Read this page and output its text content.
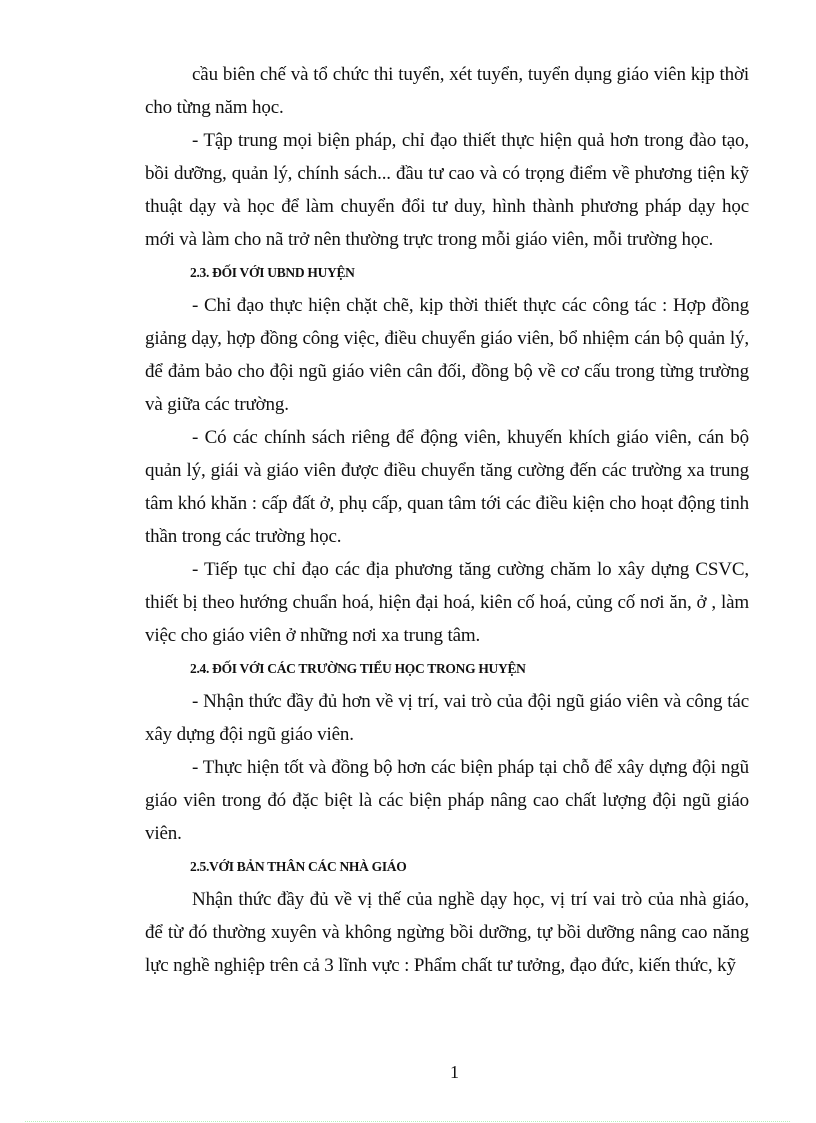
cầu biên chế và tổ chức thi tuyển, xét tuyển, tuyển dụng giáo viên kịp thời cho từng năm học.

- Tập trung mọi biện pháp, chỉ đạo thiết thực hiện quả hơn trong đào tạo, bồi dưỡng, quản lý, chính sách... đầu tư cao và có trọng điểm về phương tiện kỹ thuật dạy và học để làm chuyển đổi tư duy, hình thành phương pháp dạy học mới và làm cho nã trở nên thường trực trong mỗi giáo viên, mỗi trường học.

2.3. ĐỐI VỚI UBND HUYỆN

- Chỉ đạo thực hiện chặt chẽ, kịp thời thiết thực các công tác : Hợp đồng giảng dạy, hợp đồng công việc, điều chuyển giáo viên, bổ nhiệm cán bộ quản lý, để đảm bảo cho đội ngũ giáo viên cân đối, đồng bộ về cơ cấu trong từng trường và giữa các trường.

- Có các chính sách riêng để động viên, khuyến khích giáo viên, cán bộ quản lý, giái và giáo viên được điều chuyển tăng cường đến các trường xa trung tâm khó khăn : cấp đất ở, phụ cấp, quan tâm tới các điều kiện cho hoạt động tinh thần trong các trường học.

- Tiếp tục chỉ đạo các địa phương tăng cường chăm lo xây dựng CSVC, thiết bị theo hướng chuẩn hoá, hiện đại hoá, kiên cố hoá, củng cố nơi ăn, ở , làm việc cho giáo viên ở những nơi xa trung tâm.

2.4. ĐỐI VỚI CÁC TRƯỜNG TIỂU HỌC TRONG HUYỆN

- Nhận thức đầy đủ hơn về vị trí, vai trò của đội ngũ giáo viên và công tác xây dựng đội ngũ giáo viên.

- Thực hiện tốt và đồng bộ hơn các biện pháp tại chỗ để xây dựng đội ngũ giáo viên trong đó đặc biệt là các biện pháp nâng cao chất lượng đội ngũ giáo viên.

2.5.VỚI BẢN THÂN CÁC NHÀ GIÁO

Nhận thức đầy đủ về vị thế của nghề dạy học, vị trí vai trò của nhà giáo, để từ đó thường xuyên và không ngừng bồi dưỡng, tự bồi dưỡng nâng cao năng lực nghề nghiệp trên cả 3 lĩnh vực : Phẩm chất tư tưởng, đạo đức, kiến thức, kỹ

1
